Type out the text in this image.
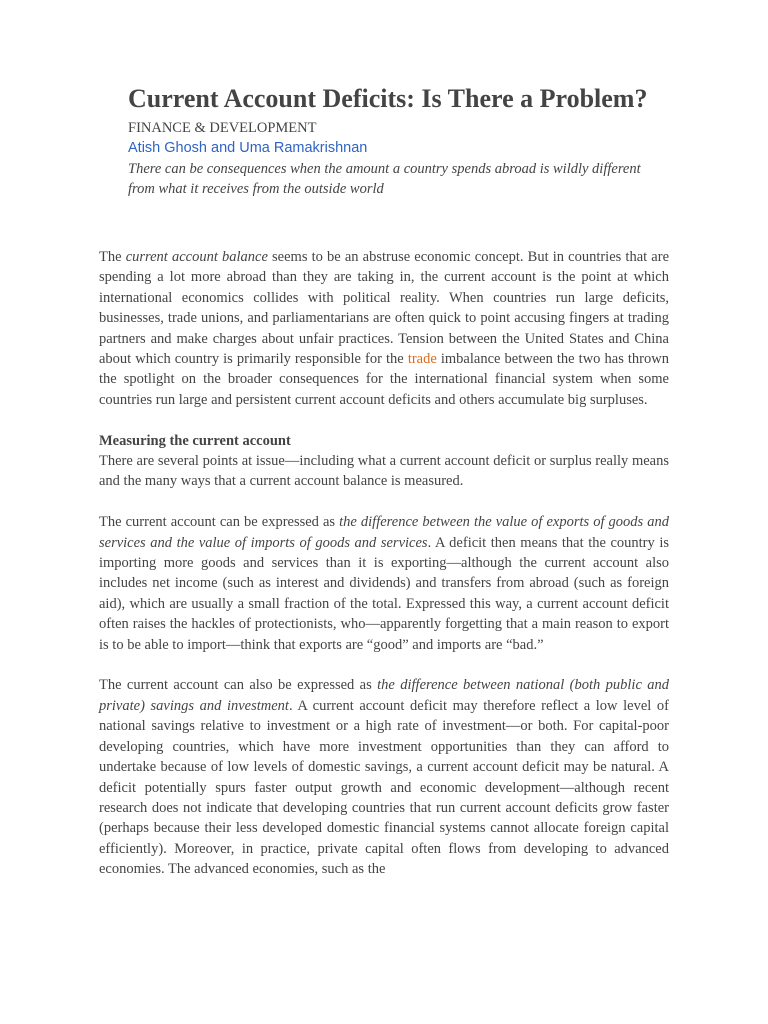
Current Account Deficits: Is There a Problem?
FINANCE & DEVELOPMENT
Atish Ghosh and Uma Ramakrishnan
There can be consequences when the amount a country spends abroad is wildly different from what it receives from the outside world

The current account balance seems to be an abstruse economic concept. But in countries that are spending a lot more abroad than they are taking in, the current account is the point at which international economics collides with political reality. When countries run large deficits, businesses, trade unions, and parliamentarians are often quick to point accusing fingers at trading partners and make charges about unfair practices. Tension between the United States and China about which country is primarily responsible for the trade imbalance between the two has thrown the spotlight on the broader consequences for the international financial system when some countries run large and persistent current account deficits and others accumulate big surpluses.

Measuring the current account

There are several points at issue—including what a current account deficit or surplus really means and the many ways that a current account balance is measured.

The current account can be expressed as the difference between the value of exports of goods and services and the value of imports of goods and services. A deficit then means that the country is importing more goods and services than it is exporting—although the current account also includes net income (such as interest and dividends) and transfers from abroad (such as foreign aid), which are usually a small fraction of the total. Expressed this way, a current account deficit often raises the hackles of protectionists, who—apparently forgetting that a main reason to export is to be able to import—think that exports are “good” and imports are “bad.”

The current account can also be expressed as the difference between national (both public and private) savings and investment. A current account deficit may therefore reflect a low level of national savings relative to investment or a high rate of investment—or both. For capital-poor developing countries, which have more investment opportunities than they can afford to undertake because of low levels of domestic savings, a current account deficit may be natural. A deficit potentially spurs faster output growth and economic development—although recent research does not indicate that developing countries that run current account deficits grow faster (perhaps because their less developed domestic financial systems cannot allocate foreign capital efficiently). Moreover, in practice, private capital often flows from developing to advanced economies. The advanced economies, such as the
